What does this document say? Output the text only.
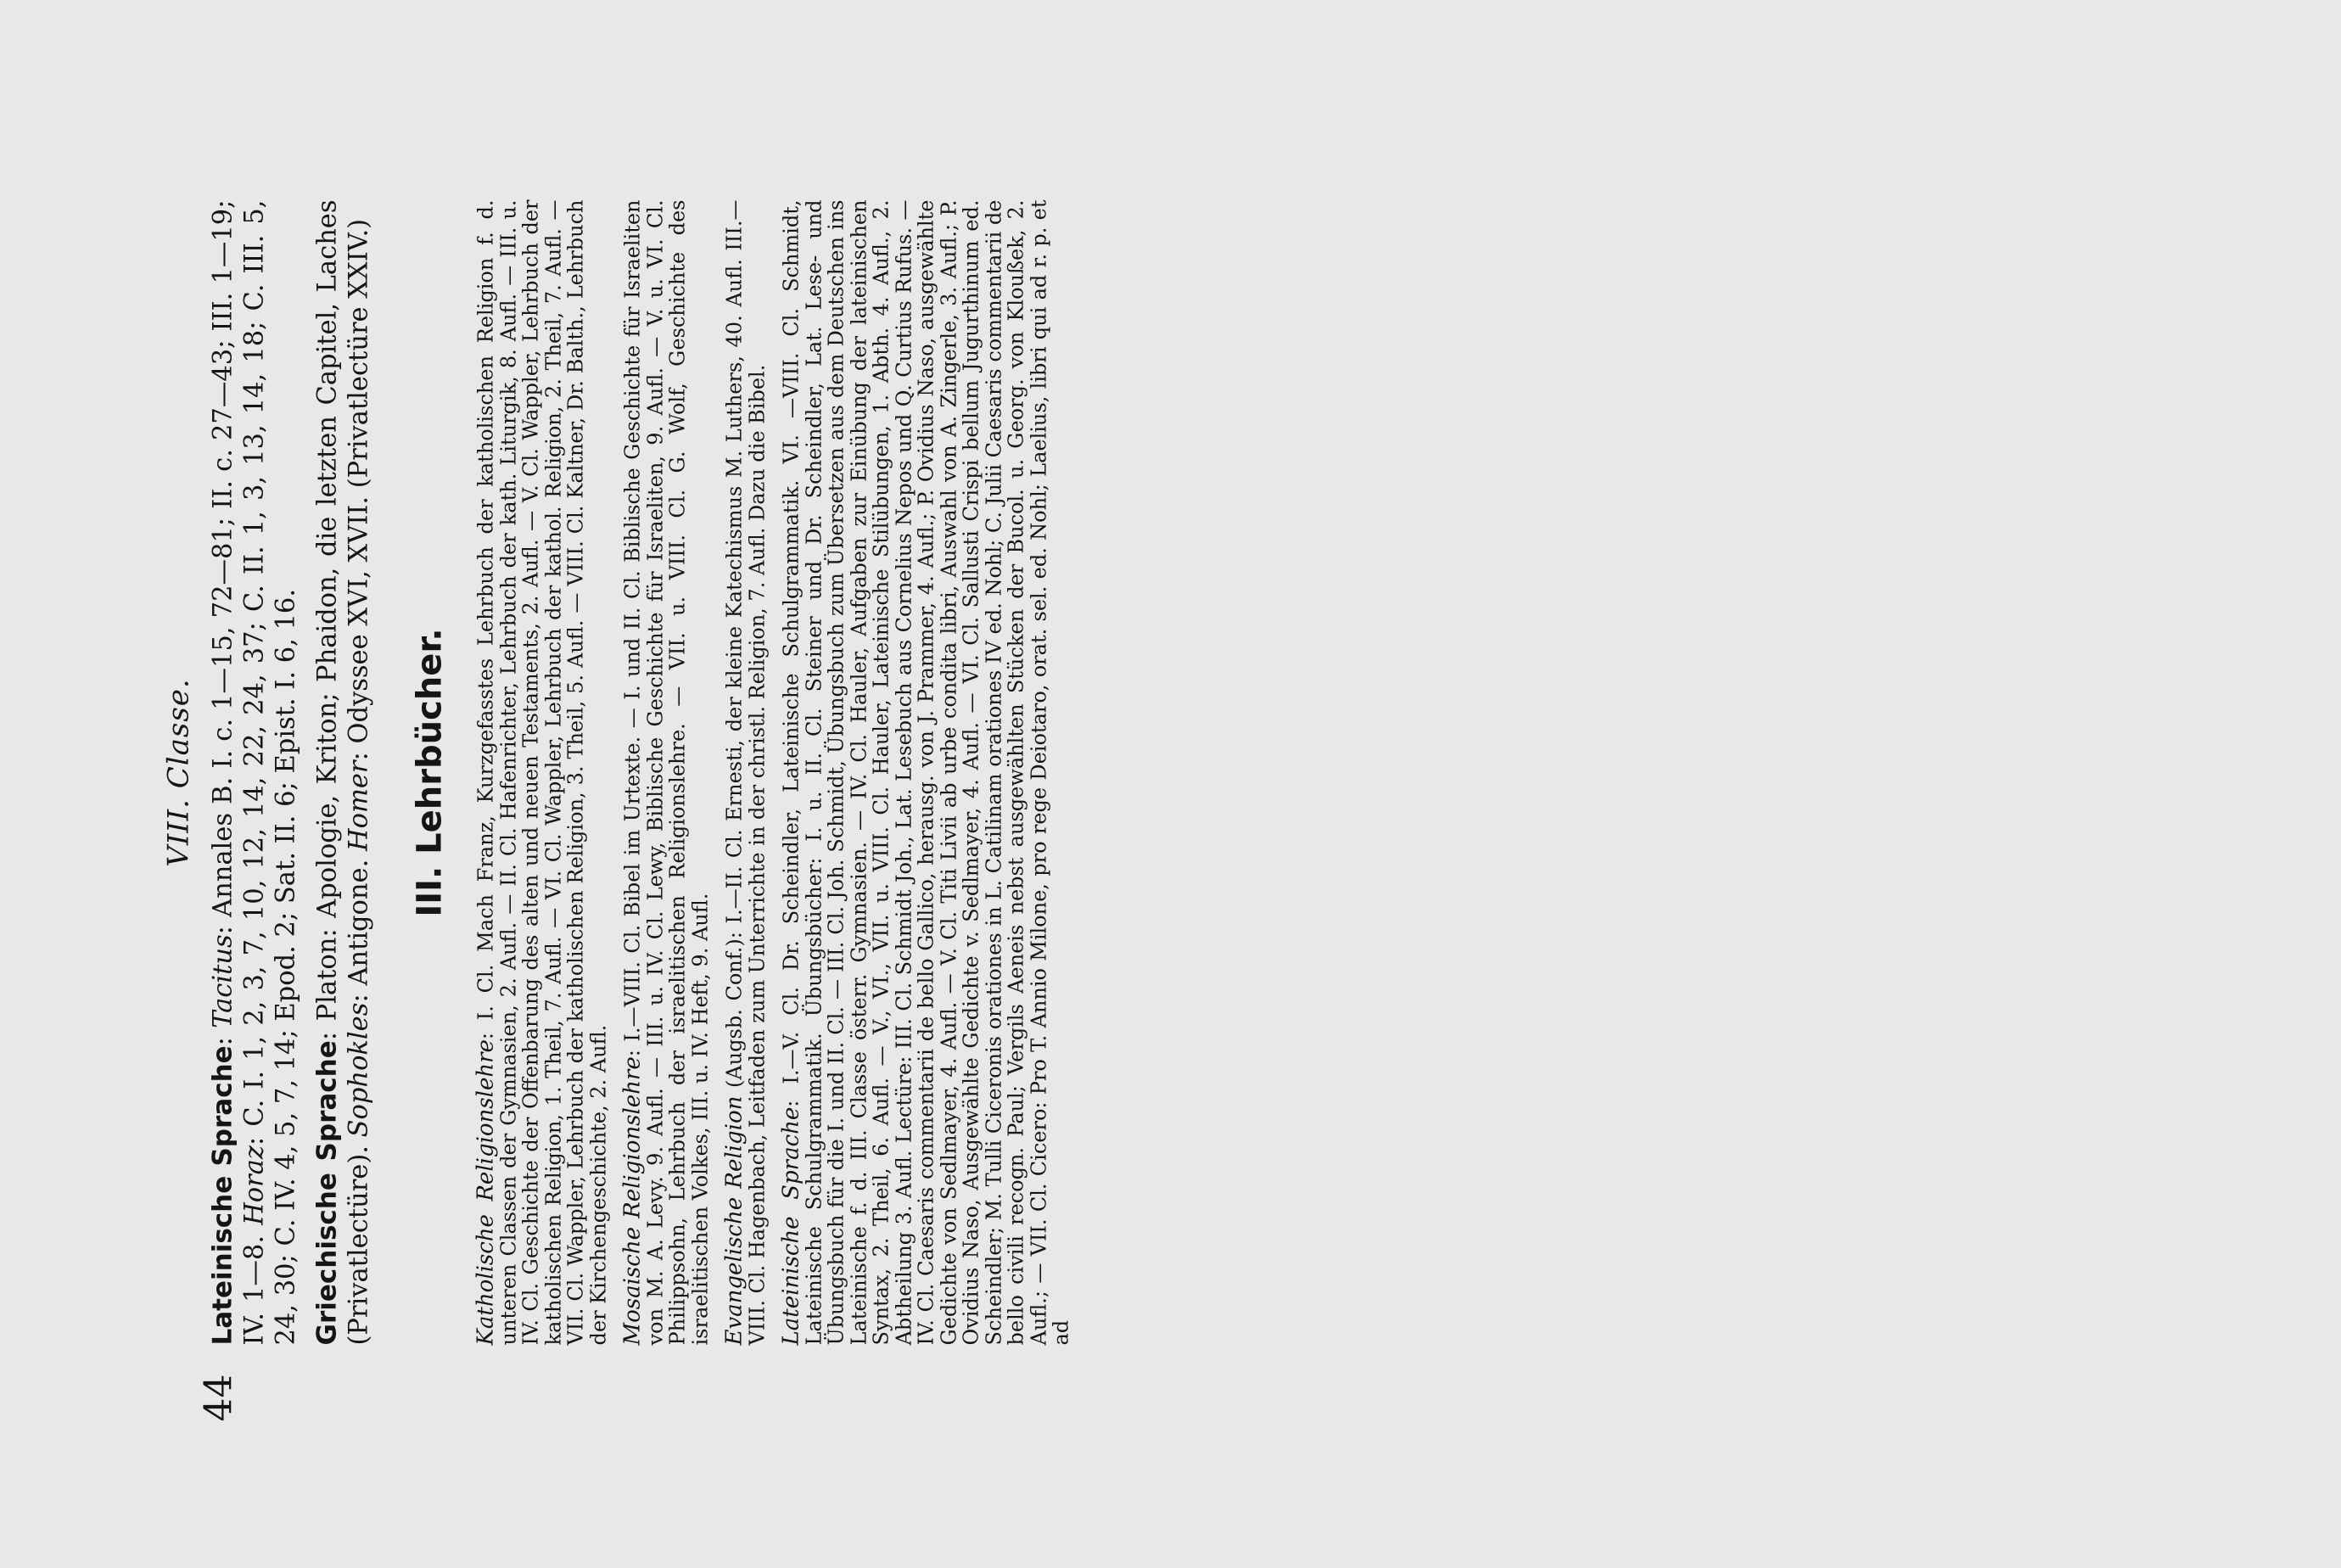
44
VIII. Classe.

Lateinische Sprache: Tacitus: Annales B. I. c. 1—15, 72—81; II. c. 27—43; III. 1—19; IV. 1—8. Horaz: C. I. 1, 2, 3, 7, 10, 12, 14, 22, 24, 37; C. II. 1, 3, 13, 14, 18; C. III. 5, 24, 30; C. IV. 4, 5, 7, 14; Epod. 2; Sat. II. 6; Epist. I. 6, 16. Griechische Sprache: Platon: Apologie, Kriton; Phaidon, die letzten Capitel, Laches (Privatlectüre). Sophokles: Antigone. Homer: Odyssee XVI, XVII. (Privatlectüre XXIV.)

III. Lehrbücher.

Katholische Religionslehre: I. Cl. Mach Franz, Kurzgefasstes Lehrbuch der katholischen Religion f. d. unteren Classen der Gymnasien, 2. Aufl. — II. Cl. Hafenrichter, Lehrbuch der kath. Liturgik, 8. Aufl. — III. u. IV. Cl. Geschichte der Offenbarung des alten und neuen Testaments, 2. Aufl. — V. Cl. Wappler, Lehrbuch der katholischen Religion, 1. Theil, 7. Aufl. — VI. Cl. Wappler, Lehrbuch der kathol. Religion, 2. Theil, 7. Aufl. — VII. Cl. Wappler, Lehrbuch der katholischen Religion, 3. Theil, 5. Aufl. — VIII. Cl. Kaltner, Dr. Balth., Lehrbuch der Kirchengeschichte, 2. Aufl. Mosaische Religionslehre: I.—VIII. Cl. Bibel im Urtexte. — I. und II. Cl. Biblische Geschichte für Israeliten von M. A. Levy. 9. Aufl. — III. u. IV. Cl. Lewy, Biblische Geschichte für Israeliten, 9. Aufl. — V. u. VI. Cl. Philippsohn, Lehrbuch der israelitischen Religionslehre. — VII. u. VIII. Cl. G. Wolf, Geschichte des israelitischen Volkes, III. u. IV. Heft, 9. Aufl. Evangelische Religion (Augsb. Conf.): I.—II. Cl. Ernesti, der kleine Katechismus M. Luthers, 40. Aufl. III.—VIII. Cl. Hagenbach, Leitfaden zum Unterrichte in der christl. Religion, 7. Aufl. Dazu die Bibel. Lateinische Sprache: I.—V. Cl. Dr. Scheindler, Lateinische Schulgrammatik. VI. —VIII. Cl. Schmidt, Lateinische Schulgrammatik. Übungsbücher: I. u. II. Cl. Steiner und Dr. Scheindler, Lat. Lese- und Übungsbuch für die I. und II. Cl. — III. Cl. Joh. Schmidt, Übungsbuch zum Übersetzen aus dem Deutschen ins Lateinische f. d. III. Classe österr. Gymnasien. — IV. Cl. Hauler, Aufgaben zur Einübung der lateinischen Syntax, 2. Theil, 6. Aufl. — V., VI., VII. u. VIII. Cl. Hauler, Lateinische Stilübungen, 1. Abth. 4. Aufl., 2. Abtheilung 3. Aufl. Lectüre: III. Cl. Schmidt Joh., Lat. Lesebuch aus Cornelius Nepos und Q. Curtius Rufus. — IV. Cl. Caesaris commentarii de bello Gallico, herausg. von J. Prammer, 4. Aufl.; P. Ovidius Naso, ausgewählte Gedichte von Sedlmayer, 4. Aufl. — V. Cl. Titi Livii ab urbe condita libri, Auswahl von A. Zingerle, 3. Aufl.; P. Ovidius Naso, Ausgewählte Gedichte v. Sedlmayer, 4. Aufl. — VI. Cl. Sallusti Crispi bellum Jugurthinum ed. Scheindler; M. Tulli Ciceronis orationes in L. Catilinam orationes IV ed. Nohl; C. Julii Caesaris commentarii de bello civili recogn. Paul; Vergils Aeneis nebst ausgewählten Stücken der Bucol. u. Georg. von Kloußek, 2. Aufl.; — VII. Cl. Cicero: Pro T. Annio Milone, pro rege Deiotaro, orat. sel. ed. Nohl; Laelius, libri qui ad r. p. et ad
